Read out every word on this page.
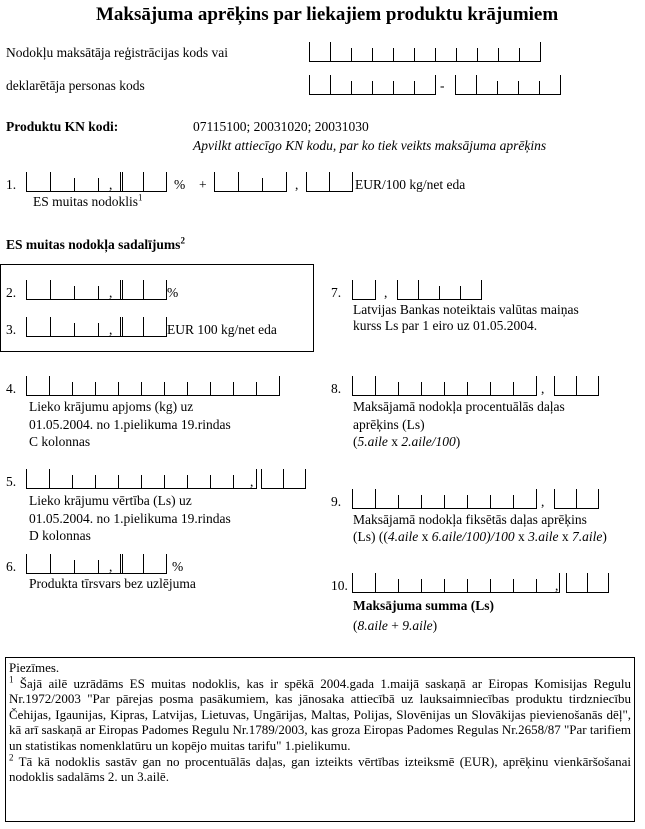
Maksājuma aprēķins par liekajiem produktu krājumiem
Nodokļu maksātāja reģistrācijas kods vai
deklarētāja personas kods	-
Produktu KN kodi:	07115100; 20031020; 20031030
Apvilkt attiecīgo KN kodu, par ko tiek veikts maksājuma aprēķins
1.	,	% +	,	EUR/100 kg/net eda
ES muitas nodoklis$^1$
ES muitas nodokļa sadalījums$^2$
2.	,	%
3.	,	EUR 100 kg/net eda
7.	,
Latvijas Bankas noteiktais valūtas maiņas
kurss Ls par 1 eiro uz 01.05.2004.
4.
Lieko krājumu apjoms (kg) uz
01.05.2004. no 1.pielikuma 19.rindas
C kolonnas
8.	,
Maksājamā nodokļa procentuālās daļas
aprēķins (Ls)
(5.aile x 2.aile/100)
5.	,
Lieko krājumu vērtība (Ls) uz
01.05.2004. no 1.pielikuma 19.rindas
D kolonnas
9.	,
Maksājamā nodokļa fiksētās daļas aprēķins
(Ls) ((4.aile x 6.aile/100)/100 x 3.aile x 7.aile)
6.	,	%
Produkta tīrsvars bez uzlējuma	10.	,
Maksājuma summa (Ls)
(8.aile + 9.aile)

Piezīmes.

$^1$ Šajā ailē uzrādāms ES muitas nodoklis, kas ir spēkā 2004.gada 1.maijā saskaņā ar Eiropas Komisijas Regulu Nr.1972/2003 "Par pārejas posma pasākumiem, kas jānosaka attiecībā uz lauksaimniecības produktu tirdzniecību Čehijas, Igaunijas, Kipras, Latvijas, Lietuvas, Ungārijas, Maltas, Polijas, Slovēnijas un Slovākijas pievienošanās dēļ", kā arī saskaņā ar Eiropas Padomes Regulu Nr.1789/2003, kas groza Eiropas Padomes Regulas Nr.2658/87 "Par tarifiem un statistikas nomenklatūru un kopējo muitas tarifu" 1.pielikumu.

$^2$ Tā kā nodoklis sastāv gan no procentuālās daļas, gan izteikts vērtības izteiksmē (EUR), aprēķinu vienkāršošanai nodoklis sadalāms 2. un 3.ailē.
